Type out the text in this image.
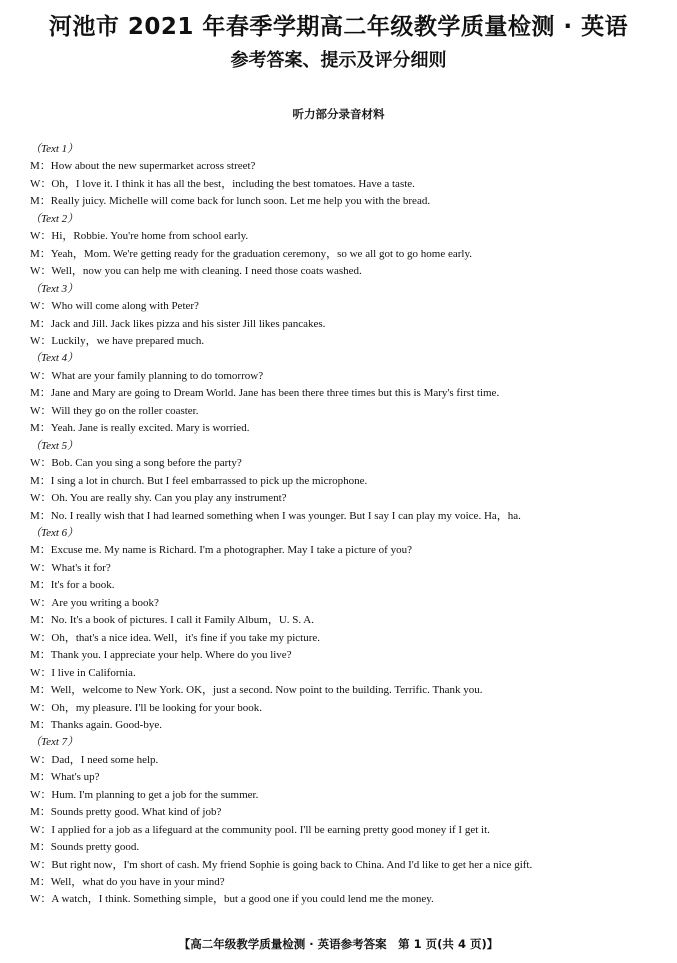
河池市 2021 年春季学期高二年级教学质量检测 · 英语
参考答案、提示及评分细则
听力部分录音材料
（Text 1）
M：How about the new supermarket across street?
W：Oh，I love it. I think it has all the best，including the best tomatoes. Have a taste.
M：Really juicy. Michelle will come back for lunch soon. Let me help you with the bread.
（Text 2）
W：Hi，Robbie. You're home from school early.
M：Yeah，Mom. We're getting ready for the graduation ceremony，so we all got to go home early.
W：Well，now you can help me with cleaning. I need those coats washed.
（Text 3）
W：Who will come along with Peter?
M：Jack and Jill. Jack likes pizza and his sister Jill likes pancakes.
W：Luckily，we have prepared much.
（Text 4）
W：What are your family planning to do tomorrow?
M：Jane and Mary are going to Dream World. Jane has been there three times but this is Mary's first time.
W：Will they go on the roller coaster.
M：Yeah. Jane is really excited. Mary is worried.
（Text 5）
W：Bob. Can you sing a song before the party?
M：I sing a lot in church. But I feel embarrassed to pick up the microphone.
W：Oh. You are really shy. Can you play any instrument?
M：No. I really wish that I had learned something when I was younger. But I say I can play my voice. Ha，ha.
（Text 6）
M：Excuse me. My name is Richard. I'm a photographer. May I take a picture of you?
W：What's it for?
M：It's for a book.
W：Are you writing a book?
M：No. It's a book of pictures. I call it Family Album，U. S. A.
W：Oh，that's a nice idea. Well，it's fine if you take my picture.
M：Thank you. I appreciate your help. Where do you live?
W：I live in California.
M：Well，welcome to New York. OK，just a second. Now point to the building. Terrific. Thank you.
W：Oh，my pleasure. I'll be looking for your book.
M：Thanks again. Good-bye.
（Text 7）
W：Dad，I need some help.
M：What's up?
W：Hum. I'm planning to get a job for the summer.
M：Sounds pretty good. What kind of job?
W：I applied for a job as a lifeguard at the community pool. I'll be earning pretty good money if I get it.
M：Sounds pretty good.
W：But right now，I'm short of cash. My friend Sophie is going back to China. And I'd like to get her a nice gift.
M：Well，what do you have in your mind?
W：A watch，I think. Something simple，but a good one if you could lend me the money.
【高二年级教学质量检测 · 英语参考答案　第 1 页(共 4 页)】
